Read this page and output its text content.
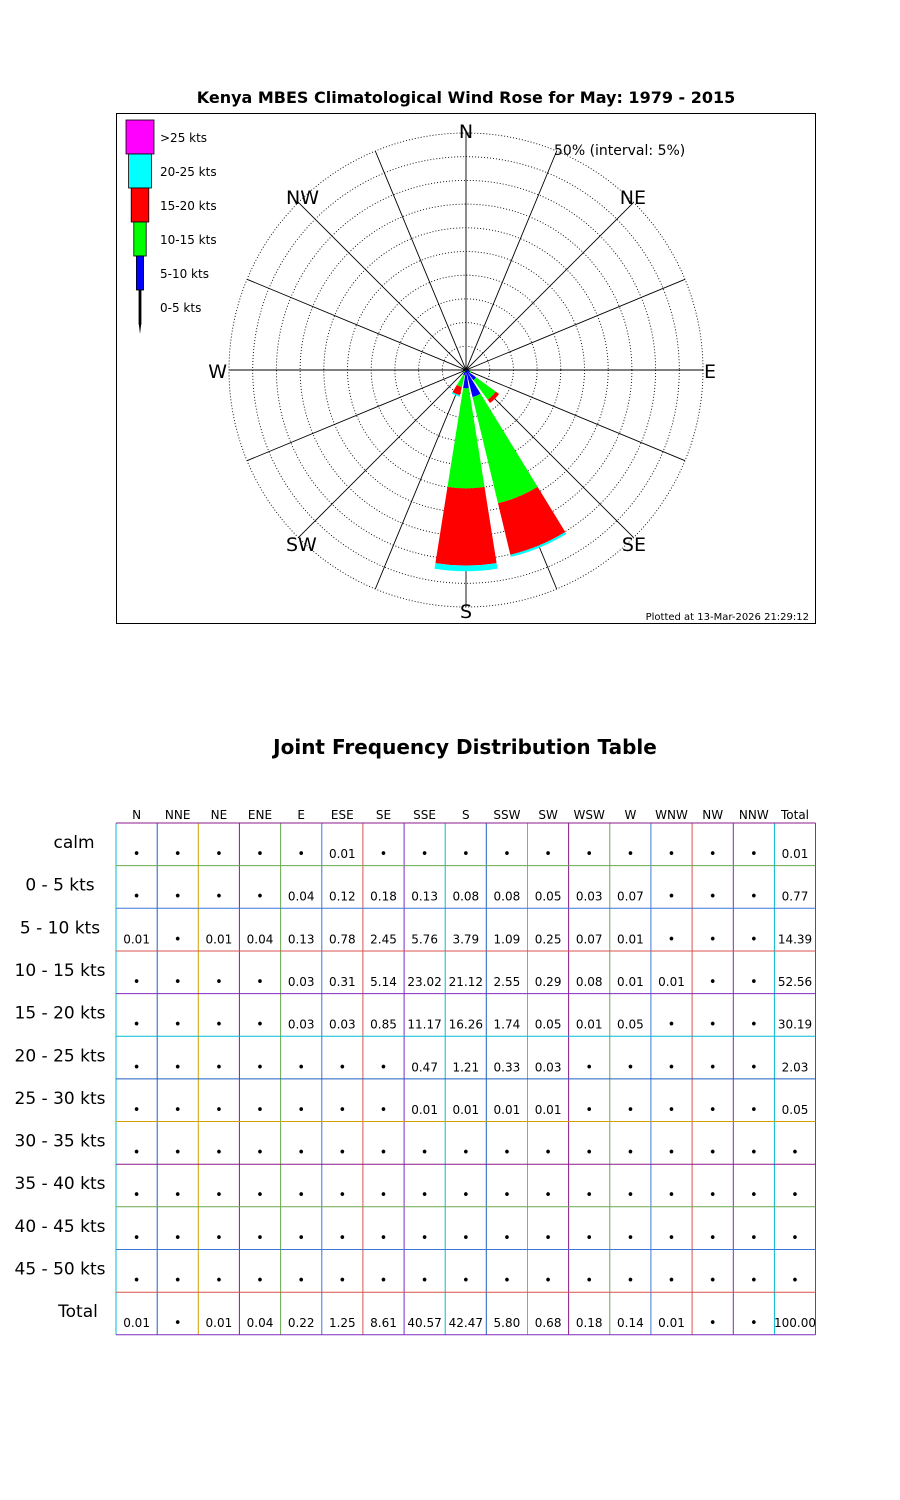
Kenya MBES Climatological Wind Rose for May: 1979 - 2015
N
NE
E
SE
S
SW
W
NW
50% (interval: 5%)
>25 kts
20-25 kts
15-20 kts
10-15 kts
5-10 kts
0-5 kts
Plotted at 13-Mar-2026 21:29:12
Joint Frequency Distribution Table
N NNE NE ENE E ESE SE SSE S SSW SW WSW W WNW NW NNW Total
calm
•	•	•	•	• 0.01 •	•	•	•	•	•	•	•	•	• 0.01
0 - 5 kts
•	•	•	• 0.04 0.12 0.18 0.13 0.08 0.08 0.05 0.03 0.07 •	•	• 0.77
5 - 10 kts
0.01 • 0.01 0.04 0.13 0.78 2.45 5.76 3.79 1.09 0.25 0.07 0.01 •	•	• 14.39
10 - 15 kts
•	•	•	• 0.03 0.31 5.14 23.02 21.12 2.55 0.29 0.08 0.01 0.01 •	• 52.56
15 - 20 kts
•	•	•	• 0.03 0.03 0.85 11.17 16.26 1.74 0.05 0.01 0.05 •	•	• 30.19
20 - 25 kts
•	•	•	•	•	•	• 0.47 1.21 0.33 0.03 •	•	•	•	• 2.03
25 - 30 kts
•	•	•	•	•	•	• 0.01 0.01 0.01 0.01 •	•	•	•	• 0.05
30 - 35 kts
•	•	•	•	•	•	•	•	•	•	•	•	•	•	•	•	•
35 - 40 kts
•	•	•	•	•	•	•	•	•	•	•	•	•	•	•	•	•
40 - 45 kts
•	•	•	•	•	•	•	•	•	•	•	•	•	•	•	•	•
45 - 50 kts
•	•	•	•	•	•	•	•	•	•	•	•	•	•	•	•	•
Total
0.01 • 0.01 0.04 0.22 1.25 8.61 40.57 42.47 5.80 0.68 0.18 0.14 0.01 •	• 100.00
